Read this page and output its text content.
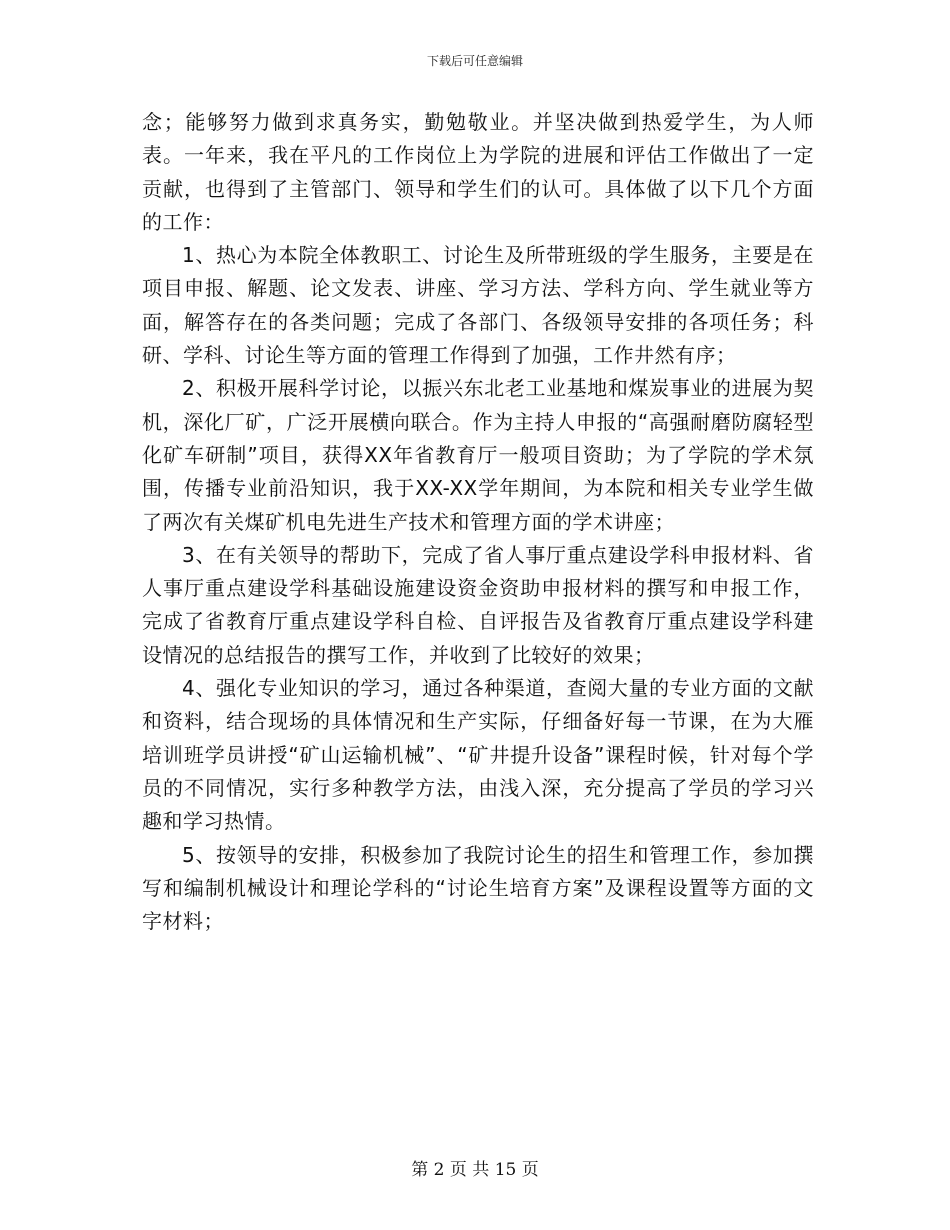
下载后可任意编辑

念；能够努力做到求真务实，勤勉敬业。并坚决做到热爱学生，为人师表。一年来，我在平凡的工作岗位上为学院的进展和评估工作做出了一定贡献，也得到了主管部门、领导和学生们的认可。具体做了以下几个方面的工作：

1、热心为本院全体教职工、讨论生及所带班级的学生服务，主要是在项目申报、解题、论文发表、讲座、学习方法、学科方向、学生就业等方面，解答存在的各类问题；完成了各部门、各级领导安排的各项任务；科研、学科、讨论生等方面的管理工作得到了加强，工作井然有序；

2、积极开展科学讨论，以振兴东北老工业基地和煤炭事业的进展为契机，深化厂矿，广泛开展横向联合。作为主持人申报的“高强耐磨防腐轻型化矿车研制”项目，获得XX年省教育厅一般项目资助；为了学院的学术氛围，传播专业前沿知识，我于XX-XX学年期间，为本院和相关专业学生做了两次有关煤矿机电先进生产技术和管理方面的学术讲座；

3、在有关领导的帮助下，完成了省人事厅重点建设学科申报材料、省人事厅重点建设学科基础设施建设资金资助申报材料的撰写和申报工作，完成了省教育厅重点建设学科自检、自评报告及省教育厅重点建设学科建设情况的总结报告的撰写工作，并收到了比较好的效果；

4、强化专业知识的学习，通过各种渠道，查阅大量的专业方面的文献和资料，结合现场的具体情况和生产实际，仔细备好每一节课，在为大雁培训班学员讲授“矿山运输机械”、“矿井提升设备”课程时候，针对每个学员的不同情况，实行多种教学方法，由浅入深，充分提高了学员的学习兴趣和学习热情。

5、按领导的安排，积极参加了我院讨论生的招生和管理工作，参加撰写和编制机械设计和理论学科的“讨论生培育方案”及课程设置等方面的文字材料；

第 2 页 共 15 页
